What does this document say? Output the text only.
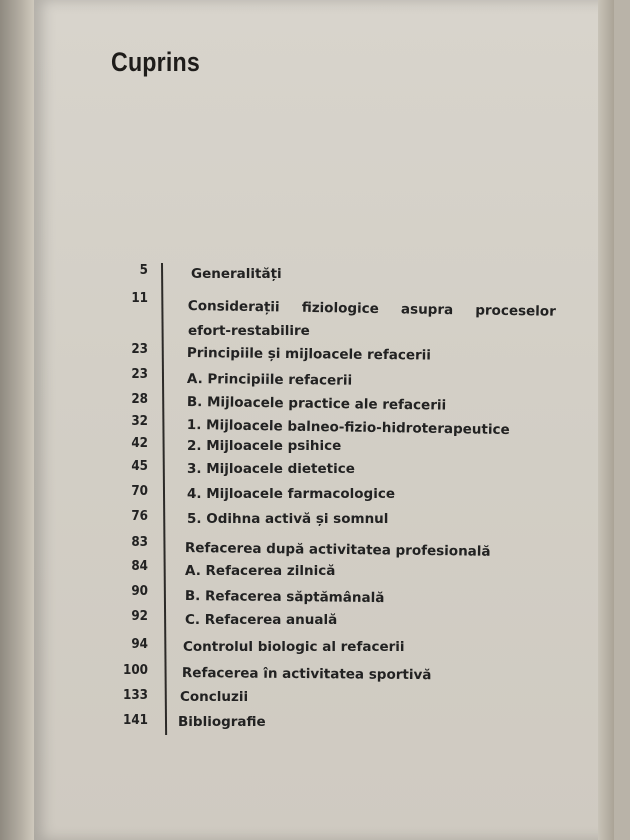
Cuprins
5	Generalități
11	Considerații fiziologice asupra proceselor
efort-restabilire
23	Principiile și mijloacele refacerii
23	A. Principiile refacerii
28	B. Mijloacele practice ale refacerii
32	1. Mijloacele balneo-fizio-hidroterapeutice
42	2. Mijloacele psihice
45	3. Mijloacele dietetice
70	4. Mijloacele farmacologice
76	5. Odihna activă și somnul
83	Refacerea după activitatea profesională
84	A. Refacerea zilnică
90	B. Refacerea săptămânală
92	C. Refacerea anuală
94	Controlul biologic al refacerii
100	Refacerea în activitatea sportivă
133 Concluzii
141 Bibliografie
